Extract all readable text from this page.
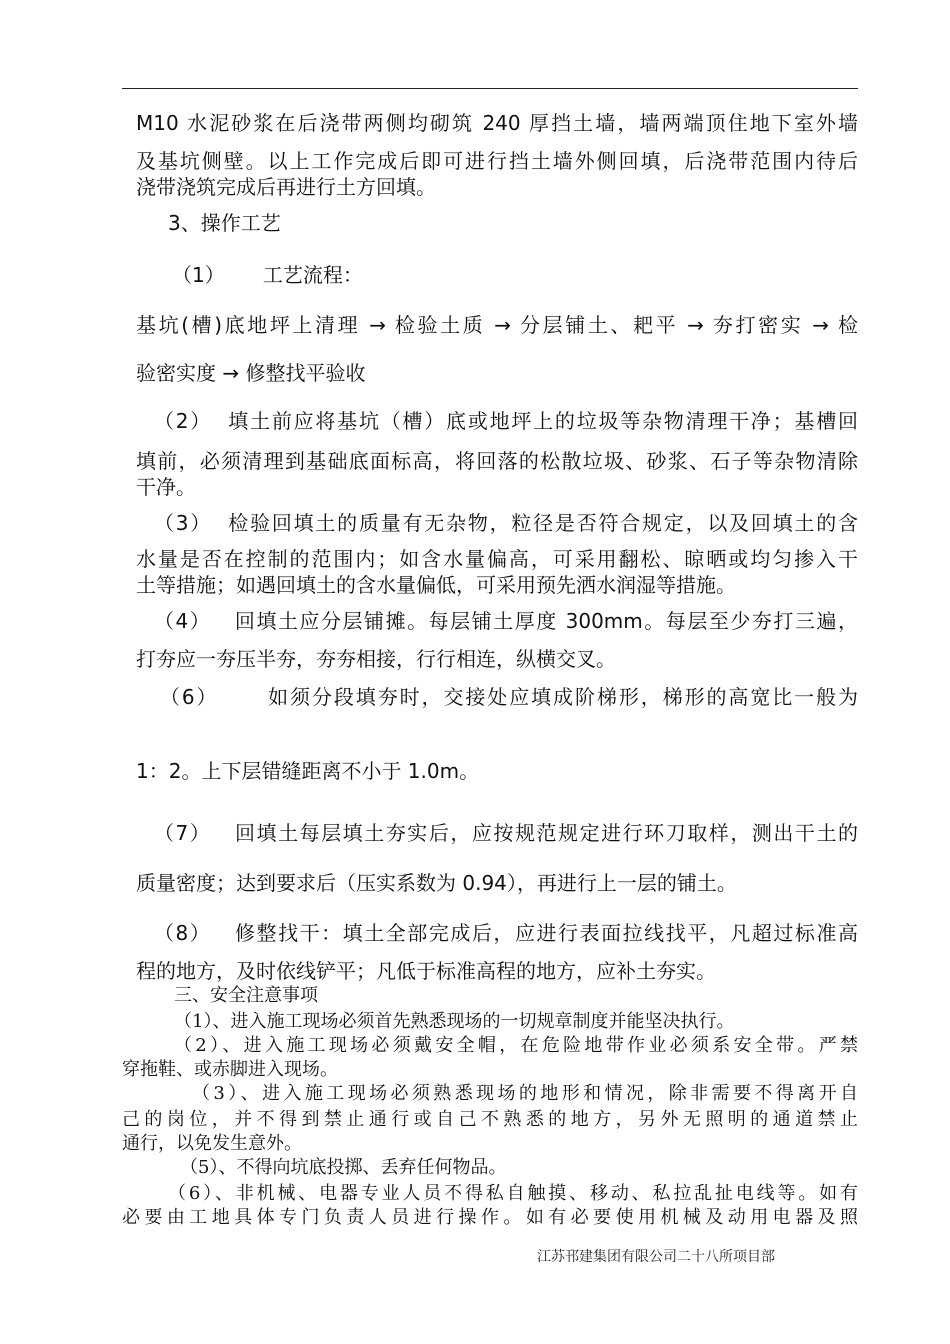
M10 水泥砂浆在后浇带两侧均砌筑 240 厚挡土墙，墙两端顶住地下室外墙
及基坑侧壁。以上工作完成后即可进行挡土墙外侧回填，后浇带范围内待后
浇带浇筑完成后再进行土方回填。
3、操作工艺
（1）      工艺流程：
基坑(槽)底地坪上清理 → 检验土质 → 分层铺土、耙平 → 夯打密实 → 检
验密实度 → 修整找平验收
（2）  填土前应将基坑（槽）底或地坪上的垃圾等杂物清理干净；基槽回
填前，必须清理到基础底面标高，将回落的松散垃圾、砂浆、石子等杂物清除
干净。
（3）  检验回填土的质量有无杂物，粒径是否符合规定，以及回填土的含
水量是否在控制的范围内；如含水量偏高，可采用翻松、晾晒或均匀掺入干
土等措施；如遇回填土的含水量偏低，可采用预先洒水润湿等措施。
（4）   回填土应分层铺摊。每层铺土厚度 300mm。每层至少夯打三遍，
打夯应一夯压半夯，夯夯相接，行行相连，纵横交叉。
（6）      如须分段填夯时，交接处应填成阶梯形，梯形的高宽比一般为
1：2。上下层错缝距离不小于 1.0m。
（7）   回填土每层填土夯实后，应按规范规定进行环刀取样，测出干土的
质量密度；达到要求后（压实系数为 0.94），再进行上一层的铺土。
（8）   修整找干：填土全部完成后，应进行表面拉线找平，凡超过标准高
程的地方，及时依线铲平；凡低于标准高程的地方，应补土夯实。
三、安全注意事项
（1）、进入施工现场必须首先熟悉现场的一切规章制度并能坚决执行。
（2）、进入施工现场必须戴安全帽，在危险地带作业必须系安全带。严禁
穿拖鞋、或赤脚进入现场。
（3）、进入施工现场必须熟悉现场的地形和情况，除非需要不得离开自
己的岗位，并不得到禁止通行或自己不熟悉的地方，另外无照明的通道禁止
通行，以免发生意外。
（5）、不得向坑底投掷、丢弃任何物品。
（6）、非机械、电器专业人员不得私自触摸、移动、私拉乱扯电线等。如有
必要由工地具体专门负责人员进行操作。如有必要使用机械及动用电器及照
江苏邗建集团有限公司二十八所项目部
